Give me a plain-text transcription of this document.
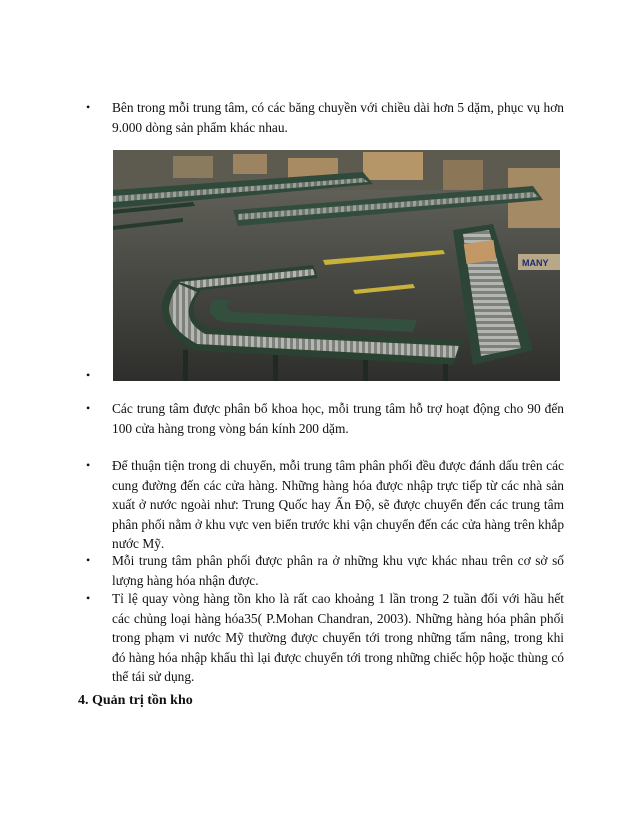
•	Bên trong mỗi trung tâm, có các băng chuyền với chiều dài hơn 5 dặm, phục vụ hơn 9.000 dòng sản phẩm khác nhau.
MANY
•
•	Các trung tâm được phân bổ khoa học, mỗi trung tâm hỗ trợ hoạt động cho 90 đến 100 cửa hàng trong vòng bán kính 200 dặm.
•	Để thuận tiện trong di chuyển, mỗi trung tâm phân phối đều được đánh dấu trên các cung đường đến các cửa hàng. Những hàng hóa được nhập trực tiếp từ các nhà sản xuất ở nước ngoài như: Trung Quốc hay Ấn Độ, sẽ được chuyển đến các trung tâm phân phối nằm ở khu vực ven biển trước khi vận chuyển đến các cửa hàng trên khắp nước Mỹ.
•	Mỗi trung tâm phân phối được phân ra ở những khu vực khác nhau trên cơ sở số lượng hàng hóa nhận được.
•	Tỉ lệ quay vòng hàng tồn kho là rất cao khoảng 1 lần trong 2 tuần đối với hầu hết các chủng loại hàng hóa35( P.Mohan Chandran, 2003). Những hàng hóa phân phối trong phạm vi nước Mỹ thường được chuyển tới trong những tấm nâng, trong khi đó hàng hóa nhập khẩu thì lại được chuyển tới trong những chiếc hộp hoặc thùng có thể tái sử dụng.
4. Quản trị tồn kho
